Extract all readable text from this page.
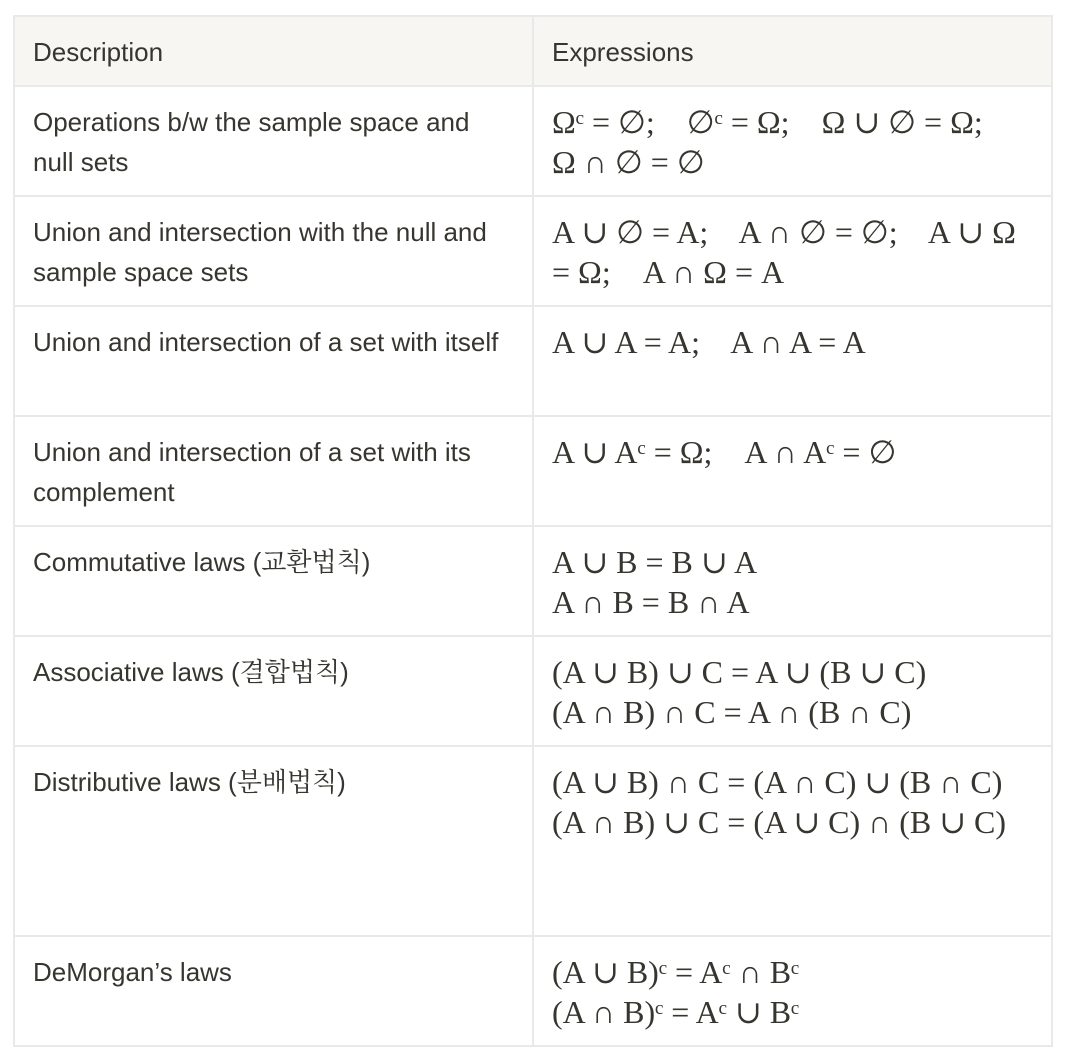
Description	Expressions
Operations b/w the sample space and null sets	Ωᶜ = ∅;    ∅ᶜ = Ω;    Ω ∪ ∅ = Ω;    Ω ∩ ∅ = ∅

Union and intersection with the null and sample space sets	A ∪ ∅ = A;    A ∩ ∅ = ∅;    A ∪ Ω = Ω;    A ∩ Ω = A

Union and intersection of a set with itself	A ∪ A = A;    A ∩ A = A

Union and intersection of a set with its complement	A ∪ Aᶜ = Ω;    A ∩ Aᶜ = ∅

Commutative laws (교환법칙)	A ∪ B = B ∪ A
A ∩ B = B ∩ A

Associative laws (결합법칙)	(A ∪ B) ∪ C = A ∪ (B ∪ C)
(A ∩ B) ∩ C = A ∩ (B ∩ C)

Distributive laws (분배법칙)	(A ∪ B) ∩ C = (A ∩ C) ∪ (B ∩ C)
(A ∩ B) ∪ C = (A ∪ C) ∩ (B ∪ C)

DeMorgan’s laws	(A ∪ B)ᶜ = Aᶜ ∩ Bᶜ
(A ∩ B)ᶜ = Aᶜ ∪ Bᶜ
